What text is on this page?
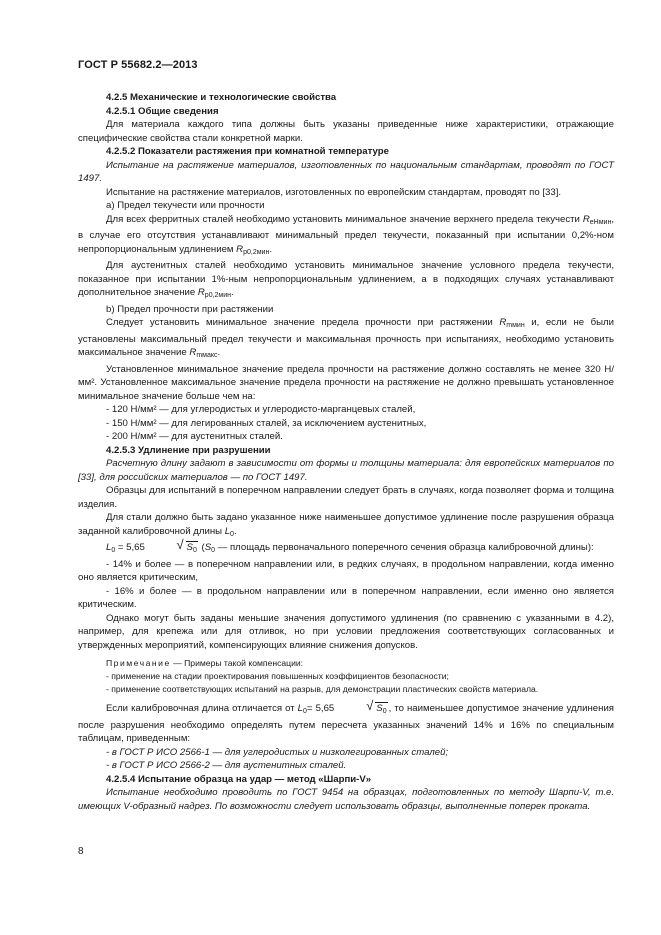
ГОСТ Р 55682.2—2013

4.2.5 Механические и технологические свойства

4.2.5.1 Общие сведения

Для материала каждого типа должны быть указаны приведенные ниже характеристики, отражающие специфические свойства стали конкретной марки.

4.2.5.2 Показатели растяжения при комнатной температуре

Испытание на растяжение материалов, изготовленных по национальным стандартам, проводят по ГОСТ 1497.

Испытание на растяжение материалов, изготовленных по европейским стандартам, проводят по [33].

а) Предел текучести или прочности

Для всех ферритных сталей необходимо установить минимальное значение верхнего предела текучести $R_{eHмин}$, в случае его отсутствия устанавливают минимальный предел текучести, показанный при испытании 0,2%-ном непропорциональным удлинением $R_{p0,2мин}$.

Для аустенитных сталей необходимо установить минимальное значение условного предела текучести, показанное при испытании 1%-ным непропорциональным удлинением, а в подходящих случаях устанавливают дополнительное значение $R_{p0,2мин}$.

b) Предел прочности при растяжении

Следует установить минимальное значение предела прочности при растяжении $R_{mмин}$ и, если не были установлены максимальный предел текучести и максимальная прочность при испытаниях, необходимо установить максимальное значение $R_{mмакс}$.

Установленное минимальное значение предела прочности на растяжение должно составлять не менее 320 Н/мм². Установленное максимальное значение предела прочности на растяжение не должно превышать установленное минимальное значение больше чем на:

- 120 Н/мм² — для углеродистых и углеродисто-марганцевых сталей,

- 150 Н/мм² — для легированных сталей, за исключением аустенитных,

- 200 Н/мм² — для аустенитных сталей.

4.2.5.3 Удлинение при разрушении

Расчетную длину задают в зависимости от формы и толщины материала: для европейских материалов по [33], для российских материалов — по ГОСТ 1497.

Образцы для испытаний в поперечном направлении следует брать в случаях, когда позволяет форма и толщина изделия.

Для стали должно быть задано указанное ниже наименьшее допустимое удлинение после разрушения образца заданной калибровочной длины $L_0$.

$L_0 = 5,65$	√ $S_0$ ($S_0$ — площадь первоначального поперечного сечения образца калибровочной длины):

- 14% и более — в поперечном направлении или, в редких случаях, в продольном направлении, когда именно оно является критическим,

- 16% и более — в продольном направлении или в поперечном направлении, если именно оно является критическим.

Однако могут быть заданы меньшие значения допустимого удлинения (по сравнению с указанными в 4.2), например, для крепежа или для отливок, но при условии предложения соответствующих согласованных и утвержденных мероприятий, компенсирующих влияние снижения допусков.

Примечание — Примеры такой компенсации:

- применение на стадии проектирования повышенных коэффициентов безопасности;

- применение соответствующих испытаний на разрыв, для демонстрации пластических свойств материала.

Если калибровочная длина отличается от $L_0= 5,65$	√ $S_0$ , то наименьшее допустимое значение удлинения после разрушения необходимо определять путем пересчета указанных значений 14% и 16% по специальным таблицам, приведенным:

- в ГОСТ Р ИСО 2566-1 — для углеродистых и низколегированных сталей;

- в ГОСТ Р ИСО 2566-2 — для аустенитных сталей.

4.2.5.4 Испытание образца на удар — метод «Шарпи-V»

Испытание необходимо проводить по ГОСТ 9454 на образцах, подготовленных по методу Шарпи-V, т.е. имеющих V-образный надрез. По возможности следует использовать образцы, выполненные поперек проката.

8
